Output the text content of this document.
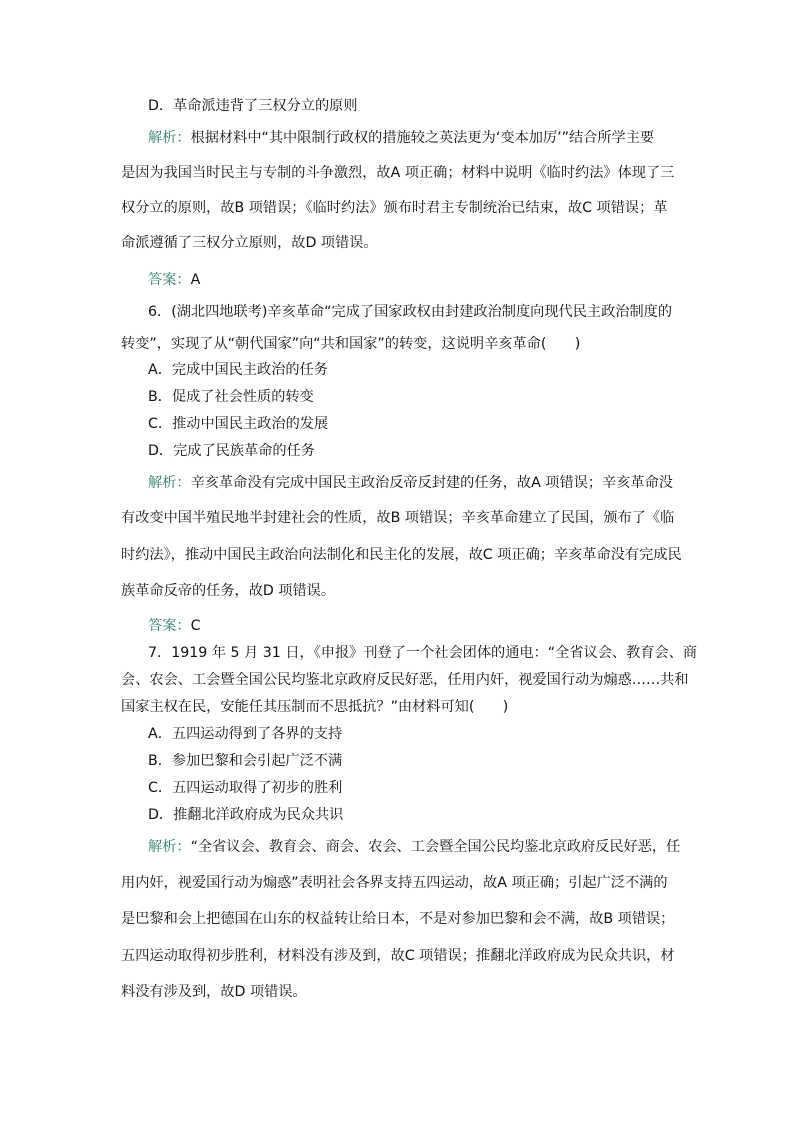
D．革命派违背了三权分立的原则
解析：根据材料中“其中限制行政权的措施较之英法更为‘变本加厉’”结合所学主要
是因为我国当时民主与专制的斗争激烈，故A 项正确；材料中说明《临时约法》体现了三
权分立的原则，故B 项错误；《临时约法》颁布时君主专制统治已结束，故C 项错误；革
命派遵循了三权分立原则，故D 项错误。
答案：A
6．(湖北四地联考)辛亥革命“完成了国家政权由封建政治制度向现代民主政治制度的
转变”，实现了从“朝代国家”向“共和国家”的转变，这说明辛亥革命(　　)
A．完成中国民主政治的任务
B．促成了社会性质的转变
C．推动中国民主政治的发展
D．完成了民族革命的任务
解析：辛亥革命没有完成中国民主政治反帝反封建的任务，故A 项错误；辛亥革命没
有改变中国半殖民地半封建社会的性质，故B 项错误；辛亥革命建立了民国，颁布了《临
时约法》，推动中国民主政治向法制化和民主化的发展，故C 项正确；辛亥革命没有完成民
族革命反帝的任务，故D 项错误。
答案：C
7．1919 年 5 月 31 日，《申报》刊登了一个社会团体的通电：“全省议会、教育会、商
会、农会、工会暨全国公民均鉴北京政府反民好恶，任用内奸，视爱国行动为煽惑……共和
国家主权在民，安能任其压制而不思抵抗？”由材料可知(　　)
A．五四运动得到了各界的支持
B．参加巴黎和会引起广泛不满
C．五四运动取得了初步的胜利
D．推翻北洋政府成为民众共识
解析：“全省议会、教育会、商会、农会、工会暨全国公民均鉴北京政府反民好恶，任
用内奸，视爱国行动为煽惑”表明社会各界支持五四运动，故A 项正确；引起广泛不满的
是巴黎和会上把德国在山东的权益转让给日本，不是对参加巴黎和会不满，故B 项错误；
五四运动取得初步胜利，材料没有涉及到，故C 项错误；推翻北洋政府成为民众共识，材
料没有涉及到，故D 项错误。
